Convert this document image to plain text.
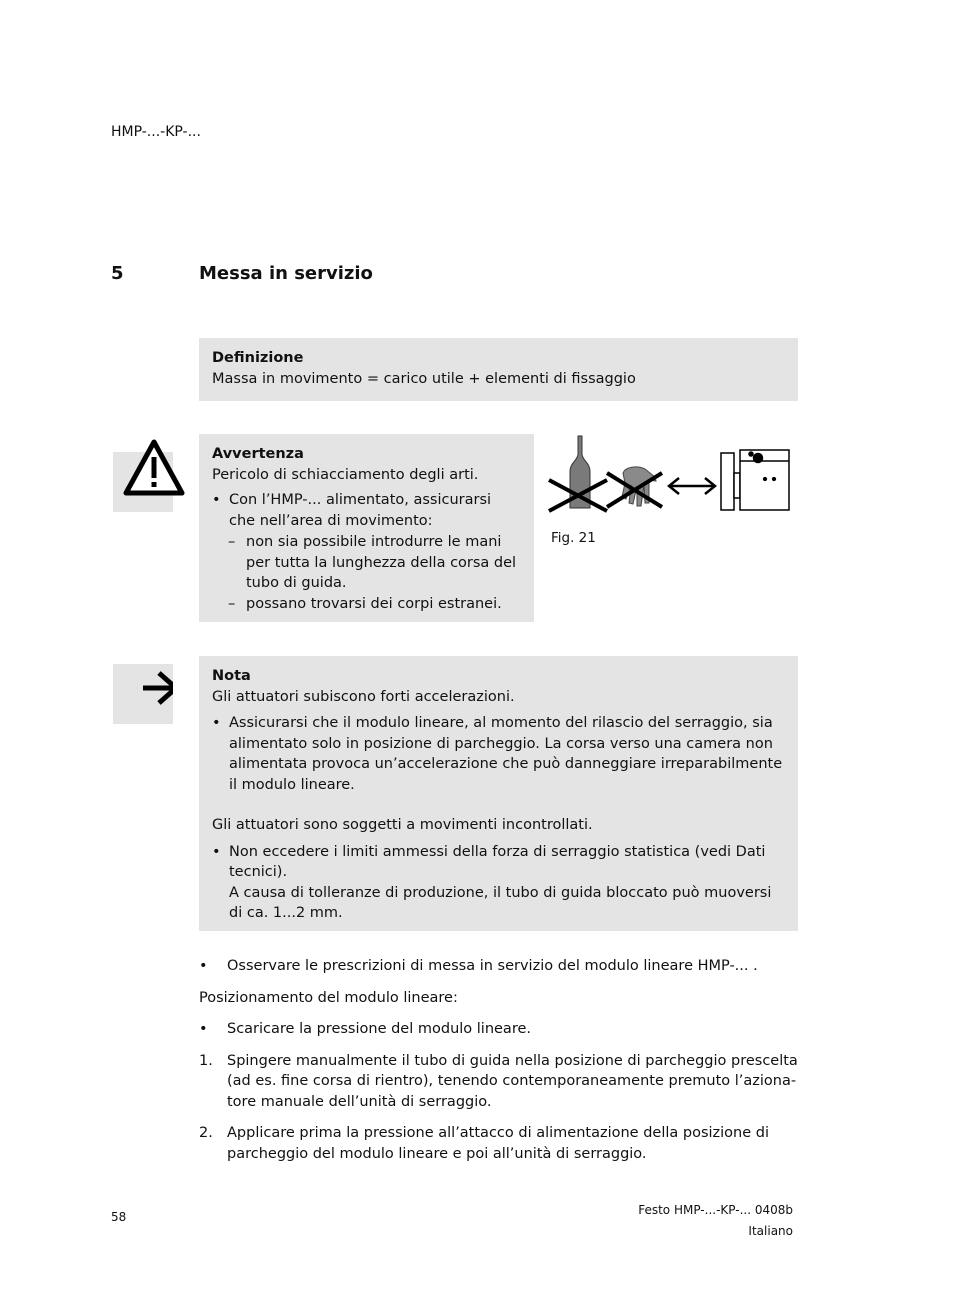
HMP-...-KP-...
5	Messa in servizio
Definizione
Massa in movimento = carico utile + elementi di fissaggio
Avvertenza
Pericolo di schiacciamento degli arti.
• Con l’HMP-... alimentato, assicurarsi che nell’area di movimento:
– non sia possibile introdurre le mani per tutta la lunghezza della corsa del tubo di guida.
– possano trovarsi dei corpi estranei.
Fig. 21
Nota
Gli attuatori subiscono forti accelerazioni.
• Assicurarsi che il modulo lineare, al momento del rilascio del serraggio, sia alimentato solo in posizione di parcheggio. La corsa verso una camera non alimentata provoca un’accelerazione che può danneggiare irreparabilmente il modulo lineare.
Gli attuatori sono soggetti a movimenti incontrollati.
• Non eccedere i limiti ammessi della forza di serraggio statistica (vedi Dati tecnici).
A causa di tolleranze di produzione, il tubo di guida bloccato può muoversi di ca. 1...2 mm.
• Osservare le prescrizioni di messa in servizio del modulo lineare HMP-... .
Posizionamento del modulo lineare:
• Scaricare la pressione del modulo lineare.
1. Spingere manualmente il tubo di guida nella posizione di parcheggio prescelta (ad es. fine corsa di rientro), tenendo contemporaneamente premuto l’aziona-tore manuale dell’unità di serraggio.
2. Applicare prima la pressione all’attacco di alimentazione della posizione di parcheggio del modulo lineare e poi all’unità di serraggio.
58	Festo HMP-...-KP-... 0408b Italiano
